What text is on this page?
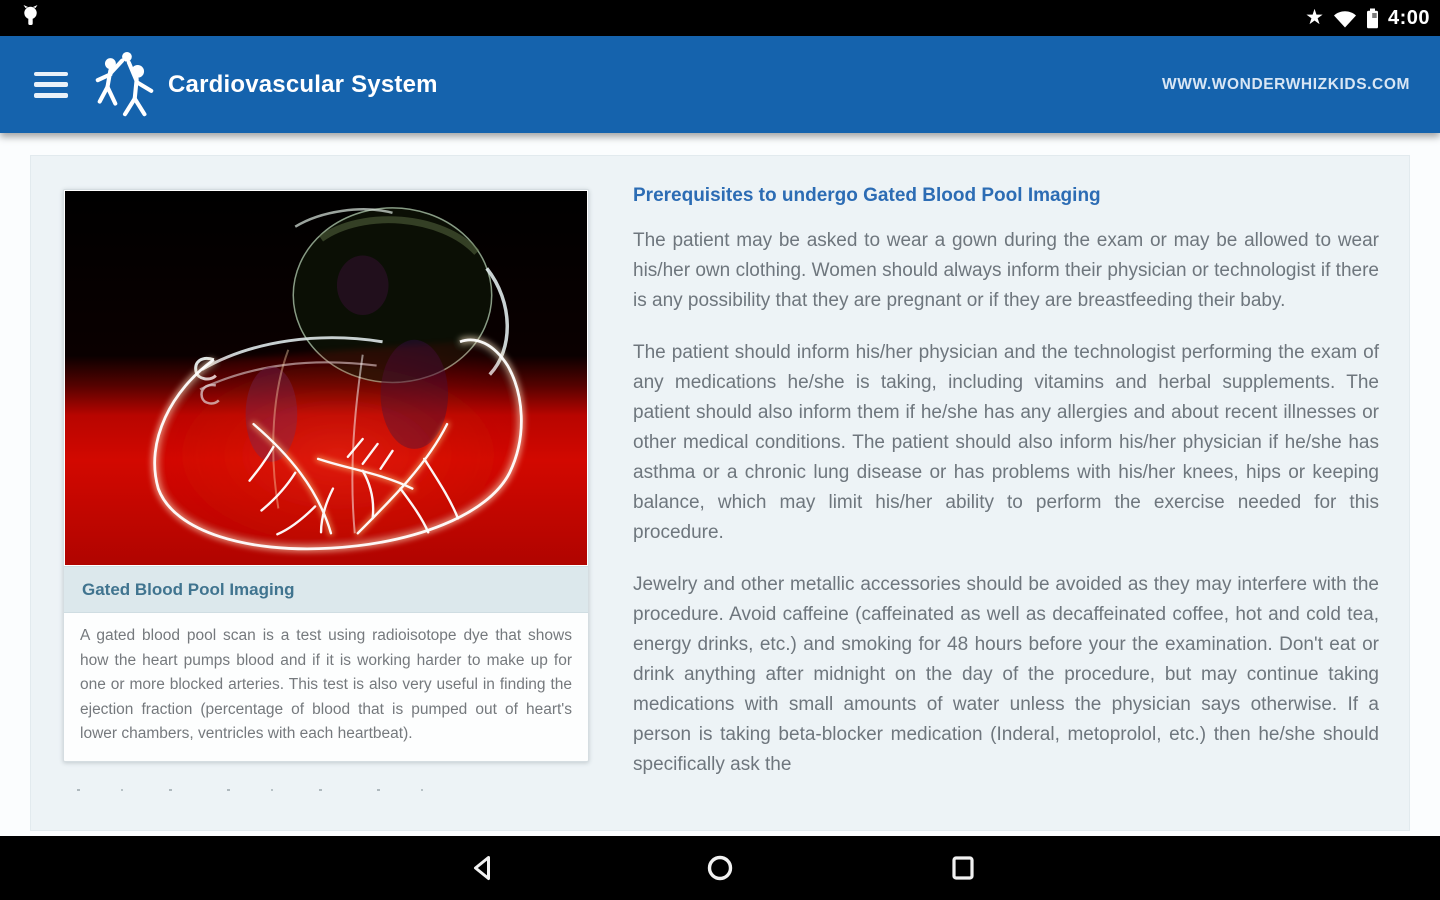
★	4:00
Cardiovascular System	WWW.WONDERWHIZKIDS.COM
Gated Blood Pool Imaging
A gated blood pool scan is a test using radioisotope dye that shows how the heart pumps blood and if it is working harder to make up for one or more blocked arteries. This test is also very useful in finding the ejection fraction (percentage of blood that is pumped out of heart's lower chambers, ventricles with each heartbeat).
Prerequisites to undergo Gated Blood Pool Imaging

The patient may be asked to wear a gown during the exam or may be allowed to wear his/her own clothing. Women should always inform their physician or technologist if there is any possibility that they are pregnant or if they are breastfeeding their baby.

The patient should inform his/her physician and the technologist performing the exam of any medications he/she is taking, including vitamins and herbal supplements. The patient should also inform them if he/she has any allergies and about recent illnesses or other medical conditions. The patient should also inform his/her physician if he/she has asthma or a chronic lung disease or has problems with his/her knees, hips or keeping balance, which may limit his/her ability to perform the exercise needed for this procedure.

Jewelry and other metallic accessories should be avoided as they may interfere with the procedure. Avoid caffeine (caffeinated as well as decaffeinated coffee, hot and cold tea, energy drinks, etc.) and smoking for 48 hours before your the examination. Don't eat or drink anything after midnight on the day of the procedure, but may continue taking medications with small amounts of water unless the physician says otherwise. If a person is taking beta-blocker medication (Inderal, metoprolol, etc.) then he/she should specifically ask the
